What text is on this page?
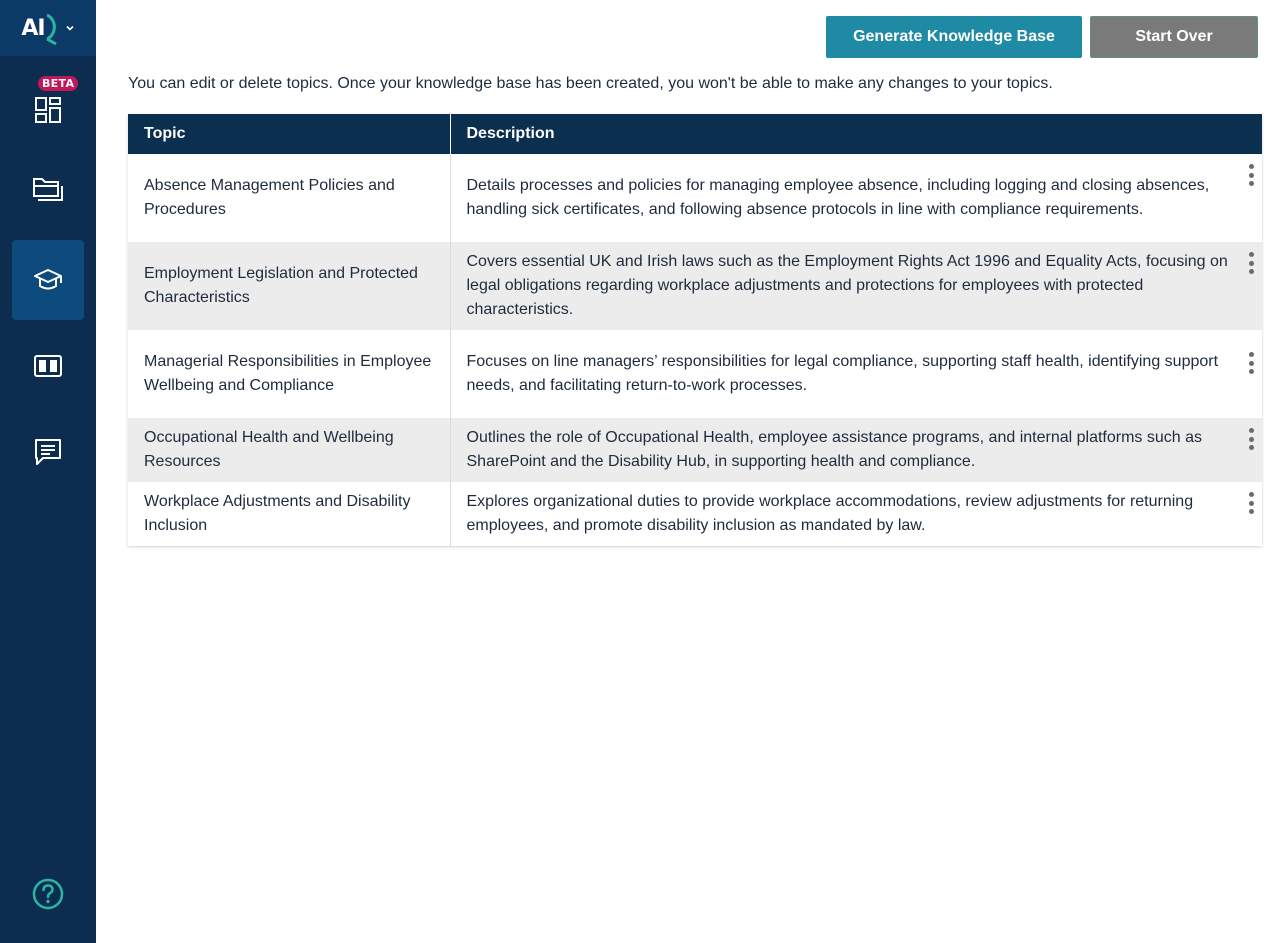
AI
BETA
Generate Knowledge Base	Start Over

You can edit or delete topics. Once your knowledge base has been created, you won't be able to make any changes to your topics.

Topic	Description
Absence Management Policies and Procedures	Details processes and policies for managing employee absence, including logging and closing absences, handling sick certificates, and following absence protocols in line with compliance requirements.

Employment Legislation and Protected Characteristics	Covers essential UK and Irish laws such as the Employment Rights Act 1996 and Equality Acts, focusing on legal obligations regarding workplace adjustments and protections for employees with protected characteristics.

Managerial Responsibilities in Employee Wellbeing and Compliance	Focuses on line managers’ responsibilities for legal compliance, supporting staff health, identifying support needs, and facilitating return-to-work processes.

Occupational Health and Wellbeing Resources	Outlines the role of Occupational Health, employee assistance programs, and internal platforms such as SharePoint and the Disability Hub, in supporting health and compliance.

Workplace Adjustments and Disability Inclusion	Explores organizational duties to provide workplace accommodations, review adjustments for returning employees, and promote disability inclusion as mandated by law.
